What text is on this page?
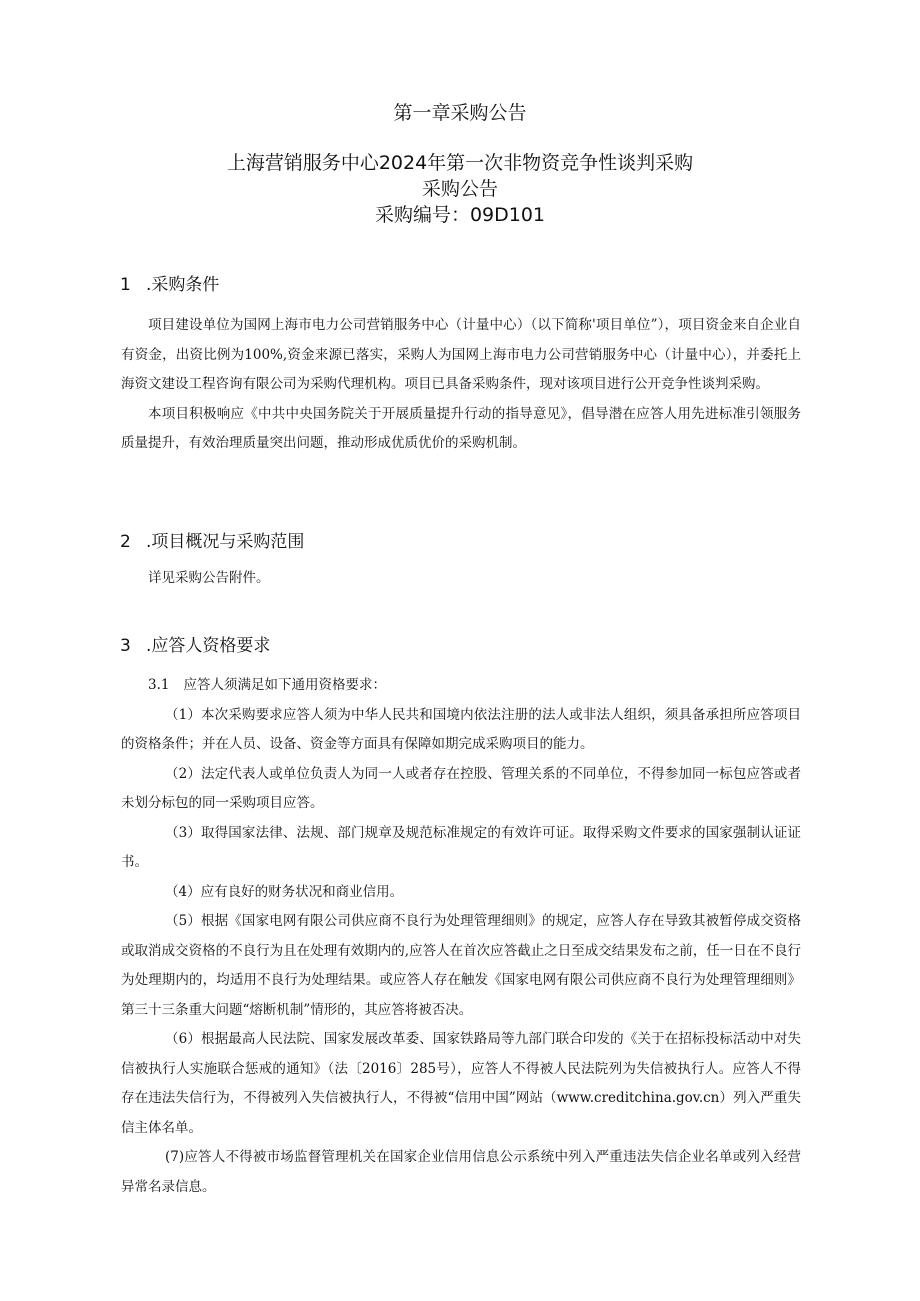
第一章采购公告
上海营销服务中心2024年第一次非物资竞争性谈判采购
采购公告
采购编号：09D101
1 .采购条件

项目建设单位为国网上海市电力公司营销服务中心（计量中心）（以下简称'项目单位”），项目资金来自企业自有资金，出资比例为100%,资金来源已落实，采购人为国网上海市电力公司营销服务中心（计量中心），并委托上海资文建设工程咨询有限公司为采购代理机构。项目已具备采购条件，现对该项目进行公开竞争性谈判采购。

本项目积极响应《中共中央国务院关于开展质量提升行动的指导意见》，倡导潜在应答人用先进标准引领服务质量提升，有效治理质量突出问题，推动形成优质优价的采购机制。

2 .项目概况与采购范围

详见采购公告附件。

3 .应答人资格要求

3.1 应答人须满足如下通用资格要求：

（1）本次采购要求应答人须为中华人民共和国境内依法注册的法人或非法人组织，须具备承担所应答项目的资格条件；并在人员、设备、资金等方面具有保障如期完成采购项目的能力。

（2）法定代表人或单位负责人为同一人或者存在控股、管理关系的不同单位，不得参加同一标包应答或者未划分标包的同一采购项目应答。

（3）取得国家法律、法规、部门规章及规范标准规定的有效许可证。取得采购文件要求的国家强制认证证书。

（4）应有良好的财务状况和商业信用。

（5）根据《国家电网有限公司供应商不良行为处理管理细则》的规定，应答人存在导致其被暂停成交资格或取消成交资格的不良行为且在处理有效期内的,应答人在首次应答截止之日至成交结果发布之前，任一日在不良行为处理期内的，均适用不良行为处理结果。或应答人存在触发《国家电网有限公司供应商不良行为处理管理细则》第三十三条重大问题“熔断机制”情形的，其应答将被否决。

（6）根据最高人民法院、国家发展改革委、国家铁路局等九部门联合印发的《关于在招标投标活动中对失信被执行人实施联合惩戒的通知》（法〔2016〕285号），应答人不得被人民法院列为失信被执行人。应答人不得存在违法失信行为，不得被列入失信被执行人，不得被“信用中国”网站（www.creditchina.gov.cn）列入严重失信主体名单。

(7)应答人不得被市场监督管理机关在国家企业信用信息公示系统中列入严重违法失信企业名单或列入经营异常名录信息。
